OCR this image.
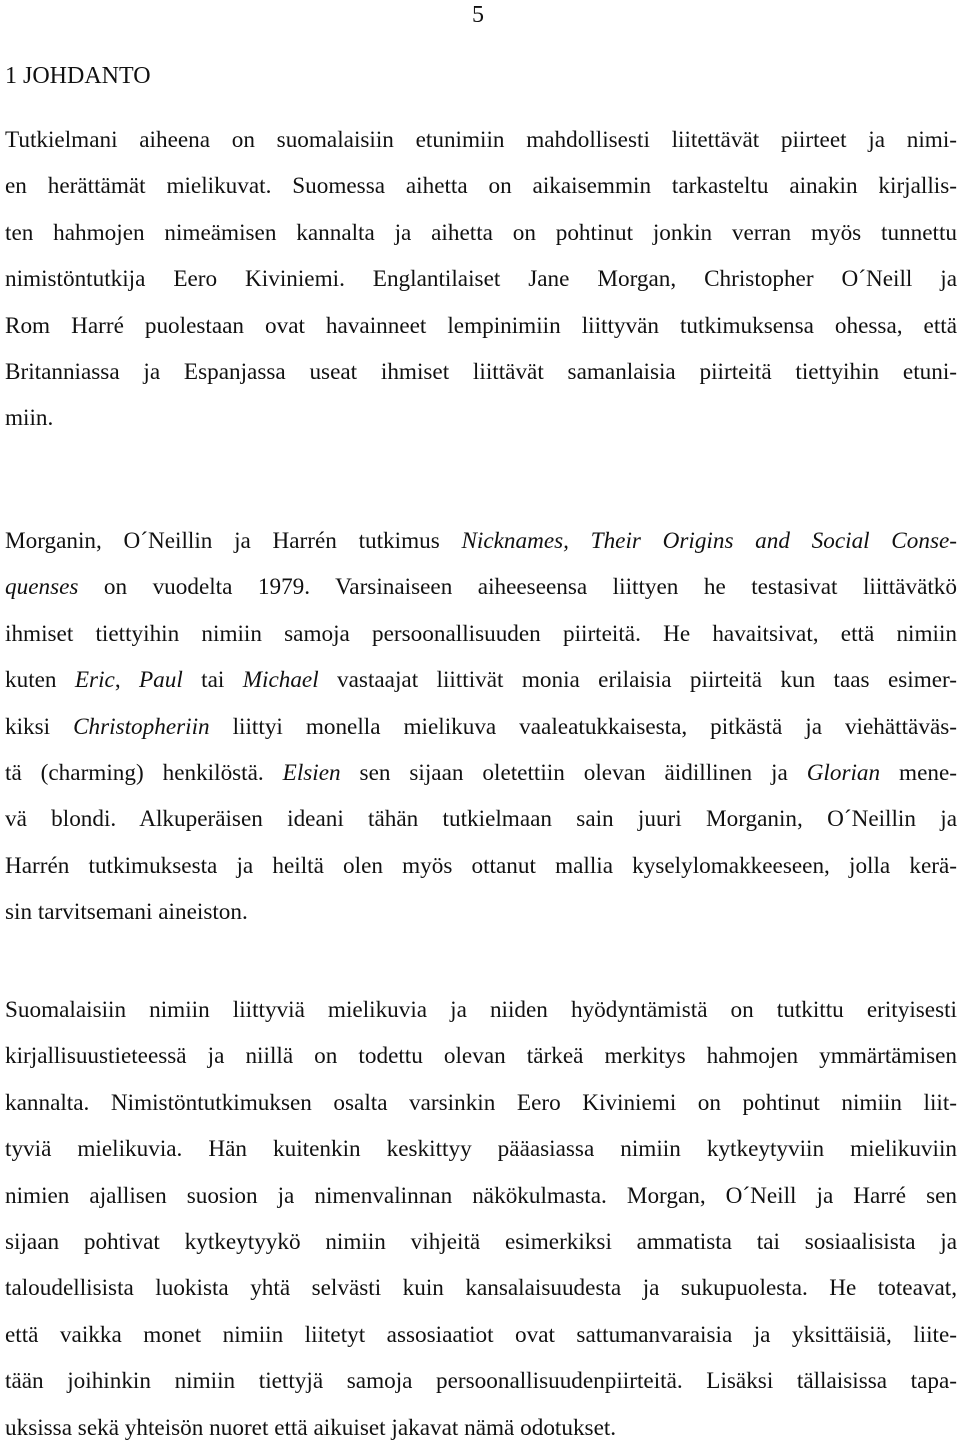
5
1 JOHDANTO
Tutkielmani aiheena on suomalaisiin etunimiin mahdollisesti liitettävät piirteet ja nimi-
en herättämät mielikuvat. Suomessa aihetta on aikaisemmin tarkasteltu ainakin kirjallis-
ten hahmojen nimeämisen kannalta ja aihetta on pohtinut jonkin verran myös tunnettu
nimistöntutkija Eero Kiviniemi. Englantilaiset Jane Morgan, Christopher O´Neill ja
Rom Harré puolestaan ovat havainneet lempinimiin liittyvän tutkimuksensa ohessa, että
Britanniassa ja Espanjassa useat ihmiset liittävät samanlaisia piirteitä tiettyihin etuni-
miin.
Morganin, O´Neillin ja Harrén tutkimus Nicknames, Their Origins and Social Conse-
quenses on vuodelta 1979. Varsinaiseen aiheeseensa liittyen he testasivat liittävätkö
ihmiset tiettyihin nimiin samoja persoonallisuuden piirteitä. He havaitsivat, että nimiin
kuten Eric, Paul tai Michael vastaajat liittivät monia erilaisia piirteitä kun taas esimer-
kiksi Christopheriin liittyi monella mielikuva vaaleatukkaisesta, pitkästä ja viehättäväs-
tä (charming) henkilöstä. Elsien sen sijaan oletettiin olevan äidillinen ja Glorian mene-
vä blondi. Alkuperäisen ideani tähän tutkielmaan sain juuri Morganin, O´Neillin ja
Harrén tutkimuksesta ja heiltä olen myös ottanut mallia kyselylomakkeeseen, jolla kerä-
sin tarvitsemani aineiston.
Suomalaisiin nimiin liittyviä mielikuvia ja niiden hyödyntämistä on tutkittu erityisesti
kirjallisuustieteessä ja niillä on todettu olevan tärkeä merkitys hahmojen ymmärtämisen
kannalta. Nimistöntutkimuksen osalta varsinkin Eero Kiviniemi on pohtinut nimiin liit-
tyviä mielikuvia. Hän kuitenkin keskittyy pääasiassa nimiin kytkeytyviin mielikuviin
nimien ajallisen suosion ja nimenvalinnan näkökulmasta. Morgan, O´Neill ja Harré sen
sijaan pohtivat kytkeytyykö nimiin vihjeitä esimerkiksi ammatista tai sosiaalisista ja
taloudellisista luokista yhtä selvästi kuin kansalaisuudesta ja sukupuolesta. He toteavat,
että vaikka monet nimiin liitetyt assosiaatiot ovat sattumanvaraisia ja yksittäisiä, liite-
tään joihinkin nimiin tiettyjä samoja persoonallisuudenpiirteitä. Lisäksi tällaisissa tapa-
uksissa sekä yhteisön nuoret että aikuiset jakavat nämä odotukset.
